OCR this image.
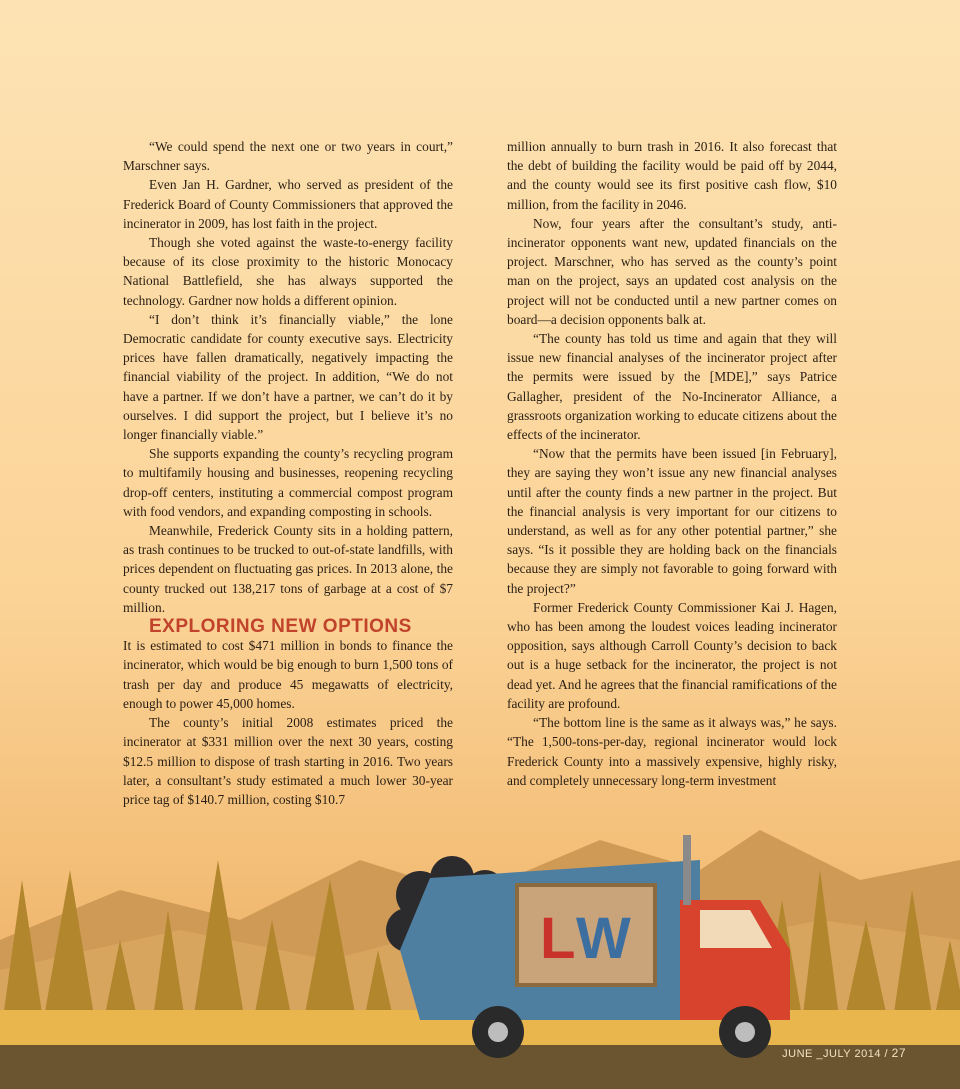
“We could spend the next one or two years in court,” Marschner says.

Even Jan H. Gardner, who served as president of the Frederick Board of County Commissioners that approved the incinerator in 2009, has lost faith in the project.

Though she voted against the waste-to-energy facility because of its close proximity to the historic Monocacy National Battlefield, she has always supported the technology. Gardner now holds a different opinion.

“I don’t think it’s financially viable,” the lone Democratic candidate for county executive says. Electricity prices have fallen dramatically, negatively impacting the financial viability of the project. In addition, “We do not have a partner. If we don’t have a partner, we can’t do it by ourselves. I did support the project, but I believe it’s no longer financially viable.”

She supports expanding the county’s recycling program to multifamily housing and businesses, reopening recycling drop-off centers, instituting a commercial compost program with food vendors, and expanding composting in schools.

Meanwhile, Frederick County sits in a holding pattern, as trash continues to be trucked to out-of-state landfills, with prices dependent on fluctuating gas prices. In 2013 alone, the county trucked out 138,217 tons of garbage at a cost of $7 million.

EXPLORING NEW OPTIONS

It is estimated to cost $471 million in bonds to finance the incinerator, which would be big enough to burn 1,500 tons of trash per day and produce 45 megawatts of electricity, enough to power 45,000 homes.

The county’s initial 2008 estimates priced the incinerator at $331 million over the next 30 years, costing $12.5 million to dispose of trash starting in 2016. Two years later, a consultant’s study estimated a much lower 30-year price tag of $140.7 million, costing $10.7

million annually to burn trash in 2016. It also forecast that the debt of building the facility would be paid off by 2044, and the county would see its first positive cash flow, $10 million, from the facility in 2046.

Now, four years after the consultant’s study, anti-incinerator opponents want new, updated financials on the project. Marschner, who has served as the county’s point man on the project, says an updated cost analysis on the project will not be conducted until a new partner comes on board—a decision opponents balk at.

“The county has told us time and again that they will issue new financial analyses of the incinerator project after the permits were issued by the [MDE],” says Patrice Gallagher, president of the No-Incinerator Alliance, a grassroots organization working to educate citizens about the effects of the incinerator.

“Now that the permits have been issued [in February], they are saying they won’t issue any new financial analyses until after the county finds a new partner in the project. But the financial analysis is very important for our citizens to understand, as well as for any other potential partner,” she says. “Is it possible they are holding back on the financials because they are simply not favorable to going forward with the project?”

Former Frederick County Commissioner Kai J. Hagen, who has been among the loudest voices leading incinerator opposition, says although Carroll County’s decision to back out is a huge setback for the incinerator, the project is not dead yet. And he agrees that the financial ramifications of the facility are profound.

“The bottom line is the same as it always was,” he says. “The 1,500-tons-per-day, regional incinerator would lock Frederick County into a massively expensive, highly risky, and completely unnecessary long-term investment

L W
JUNE _JULY 2014 / 27
